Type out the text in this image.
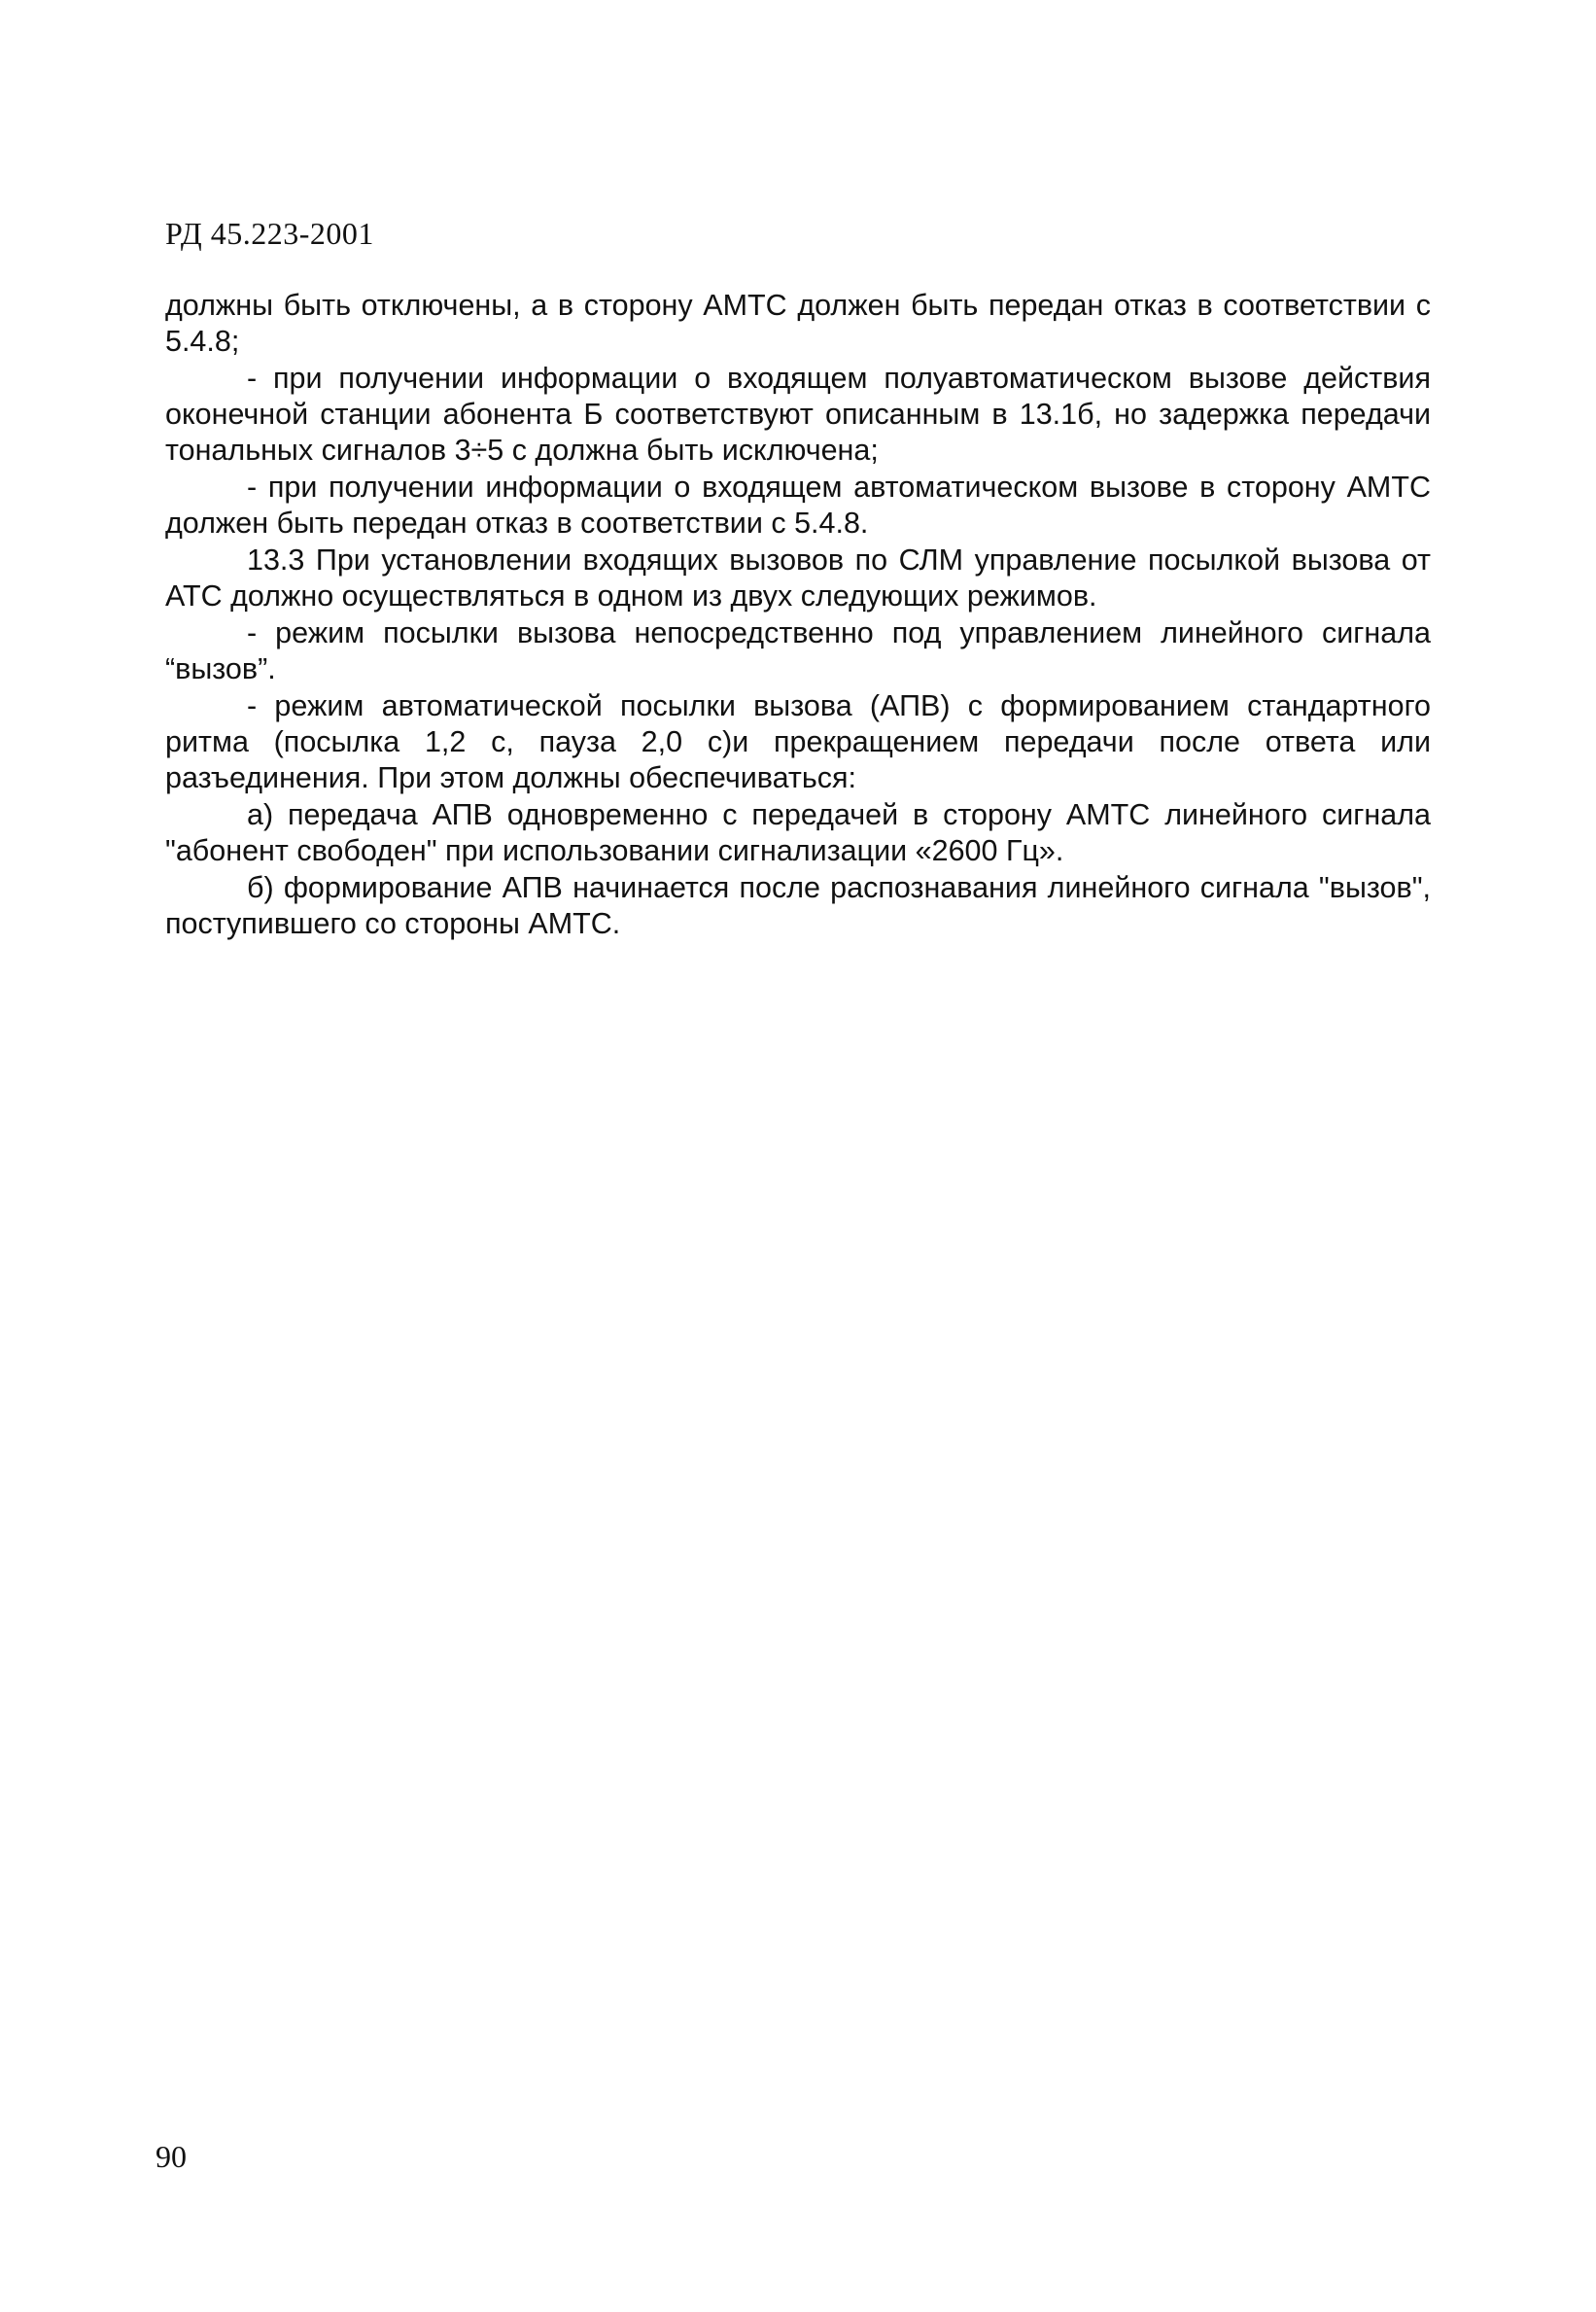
РД 45.223-2001

должны быть отключены, а в сторону АМТС должен быть передан отказ в соответствии с 5.4.8;

- при получении информации о входящем полуавтоматическом вызове действия оконечной станции абонента Б соответствуют описанным в 13.1б, но задержка передачи тональных сигналов 3÷5 с должна быть исключена;

- при получении информации о входящем автоматическом вызове в сторону АМТС должен быть передан отказ в соответствии с 5.4.8.

13.3 При установлении входящих вызовов по СЛМ управление посылкой вызова от АТС должно осуществляться в одном из двух следующих режимов.

- режим посылки вызова непосредственно под управлением линейного сигнала “вызов”.

- режим автоматической посылки вызова (АПВ) с формированием стандартного ритма (посылка 1,2 с, пауза 2,0 с)и прекращением передачи после ответа или разъединения. При этом должны обеспечиваться:

а) передача АПВ одновременно с передачей в сторону АМТС линейного сигнала "абонент свободен" при использовании сигнализации «2600 Гц».

б) формирование АПВ начинается после распознавания линейного сигнала "вызов", поступившего со стороны АМТС.

90
